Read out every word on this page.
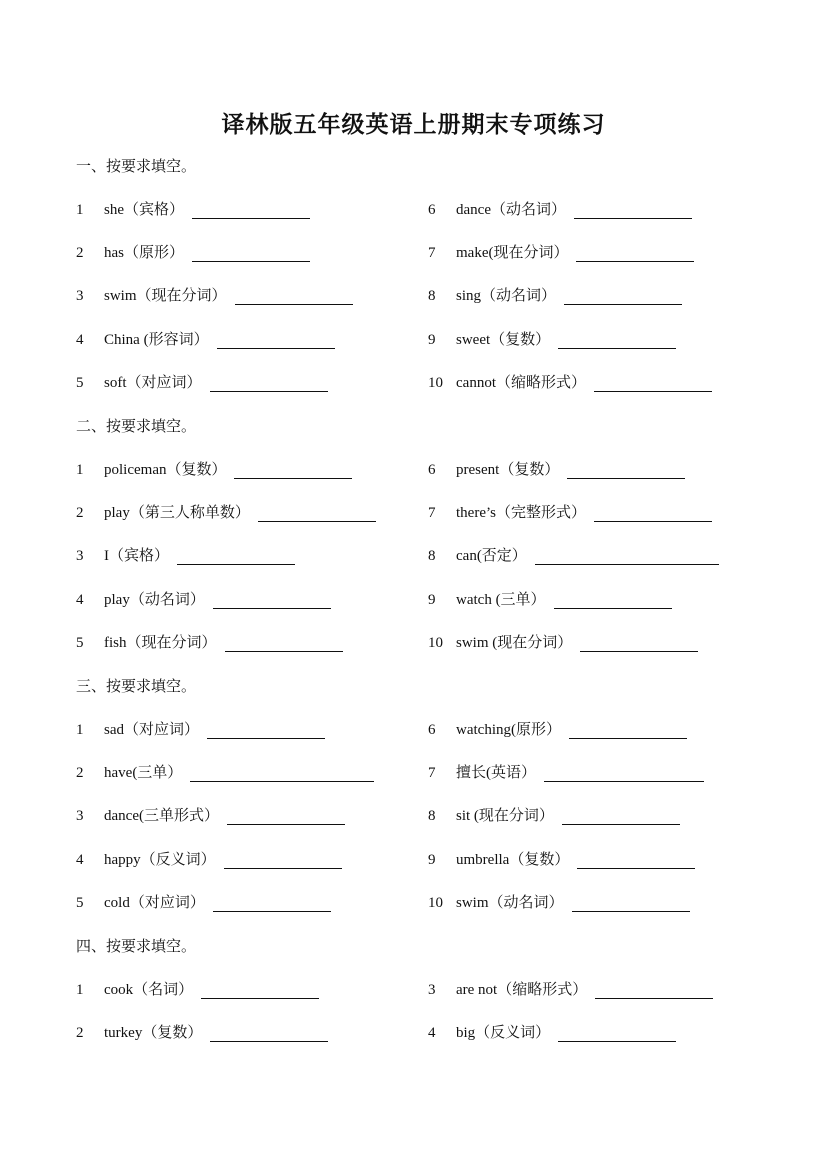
译林版五年级英语上册期末专项练习
一、按要求填空。
1	she（宾格）
2	has（原形）
3	swim（现在分词）
4	China (形容词）
5	soft（对应词）
6	dance（动名词）
7	make(现在分词）
8	sing（动名词）
9	sweet（复数）
10 cannot（缩略形式）
二、按要求填空。
1	policeman（复数）
2	play（第三人称单数）
3	I（宾格）
4	play（动名词）
5	fish（现在分词）
6	present（复数）
7	there’s（完整形式）
8	can(否定）
9	watch (三单）
10 swim (现在分词）
三、按要求填空。
1	sad（对应词）
2	have(三单）
3	dance(三单形式）
4	happy（反义词）
5	cold（对应词）
6	watching(原形）
7	擅长(英语）
8	sit (现在分词）
9	umbrella（复数）
10 swim（动名词）
四、按要求填空。
1	cook（名词）
2	turkey（复数）
3	are not（缩略形式）
4	big（反义词）
